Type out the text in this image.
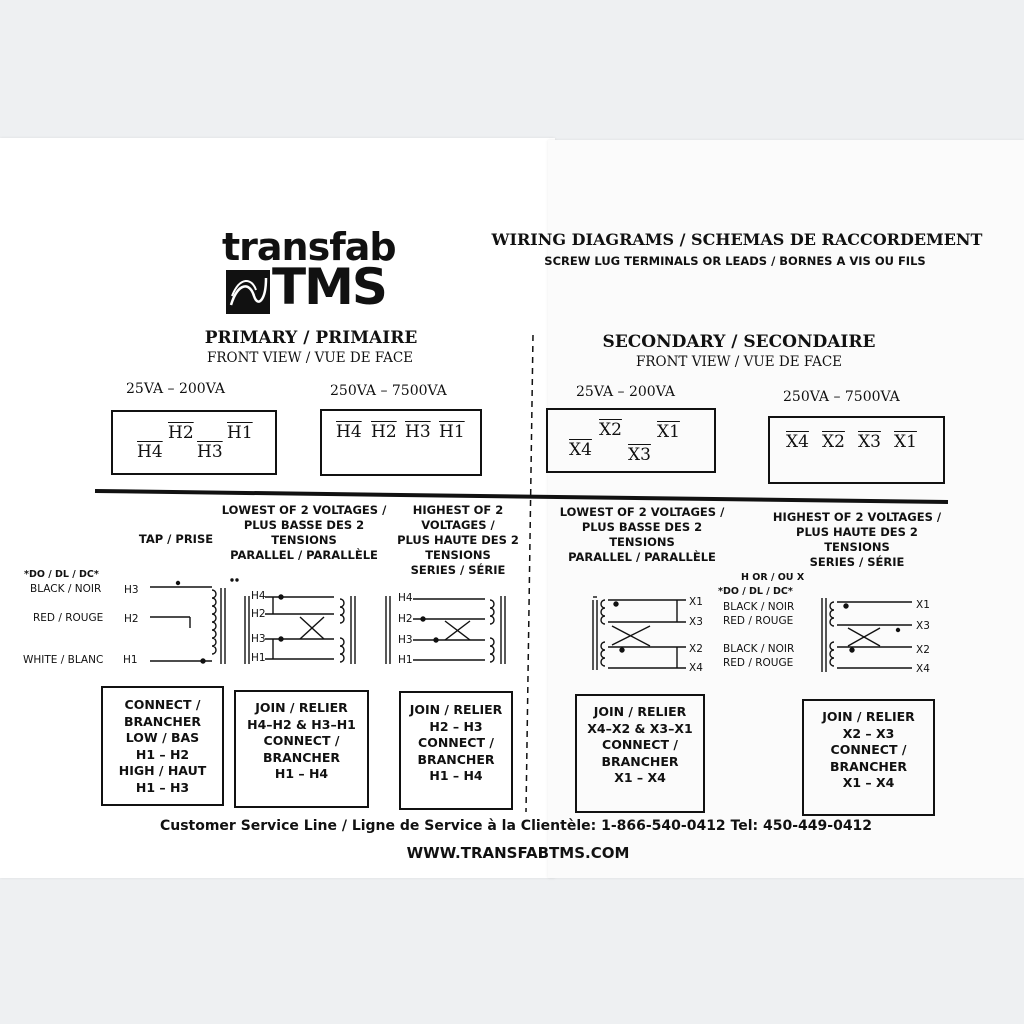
transfab
TMS
WIRING DIAGRAMS / SCHEMAS DE RACCORDEMENT
SCREW LUG TERMINALS OR LEADS / BORNES A VIS OU FILS
PRIMARY / PRIMAIRE
FRONT VIEW / VUE DE FACE
25VA – 200VA	250VA – 7500VA
H4
H2
H3
H1	H4 H2 H3 H1
SECONDARY / SECONDAIRE
FRONT VIEW / VUE DE FACE
25VA – 200VA	250VA – 7500VA
X4
X2
X3
X1	X4 X2 X3 X1
TAP / PRISE
LOWEST OF 2 VOLTAGES /
PLUS BASSE DES 2
TENSIONS
PARALLEL / PARALLÈLE
HIGHEST OF 2
VOLTAGES /
PLUS HAUTE DES 2
TENSIONS
SERIES / SÉRIE
LOWEST OF 2 VOLTAGES /
PLUS BASSE DES 2
TENSIONS
PARALLEL / PARALLÈLE
HIGHEST OF 2 VOLTAGES /
PLUS HAUTE DES 2
TENSIONS
SERIES / SÉRIE
*DO / DL / DC*
BLACK / NOIR
RED / ROUGE
WHITE / BLANC
H3
H2
H1
H4
H2
H3
H1
H4
H2
H3
H1
X1
X3
X2
X4
H OR / OU X
*DO / DL / DC*
BLACK / NOIR
RED / ROUGE
BLACK / NOIR
RED / ROUGE
X1
X3
X2
X4
CONNECT /
BRANCHER
LOW / BAS
H1 – H2
HIGH / HAUT
H1 – H3
JOIN / RELIER
H4–H2 & H3–H1
CONNECT /
BRANCHER
H1 – H4
JOIN / RELIER
H2 – H3
CONNECT /
BRANCHER
H1 – H4
JOIN / RELIER
X4–X2 & X3–X1
CONNECT /
BRANCHER
X1 – X4
JOIN / RELIER
X2 – X3
CONNECT /
BRANCHER
X1 – X4
Customer Service Line / Ligne de Service à la Clientèle: 1-866-540-0412 Tel: 450-449-0412
WWW.TRANSFABTMS.COM
